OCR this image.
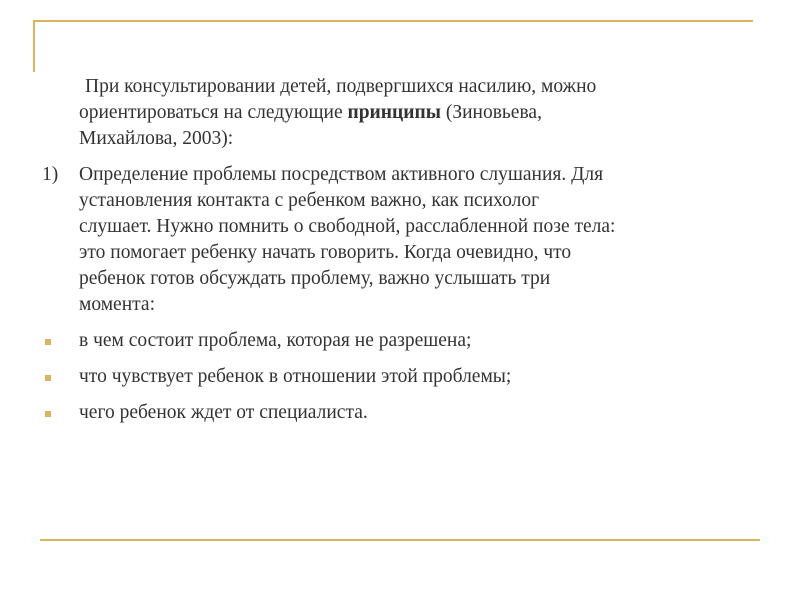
При консультировании детей, подвергшихся насилию, можно
ориентироваться на следующие принципы (Зиновьева,
Михайлова, 2003):

1) Определение проблемы посредством активного слушания. Для
установления контакта с ребенком важно, как психолог
слушает. Нужно помнить о свободной, расслабленной позе тела:
это помогает ребенку начать говорить. Когда очевидно, что
ребенок готов обсуждать проблему, важно услышать три
момента:

в чем состоит проблема, которая не разрешена;
что чувствует ребенок в отношении этой проблемы;
чего ребенок ждет от специалиста.
